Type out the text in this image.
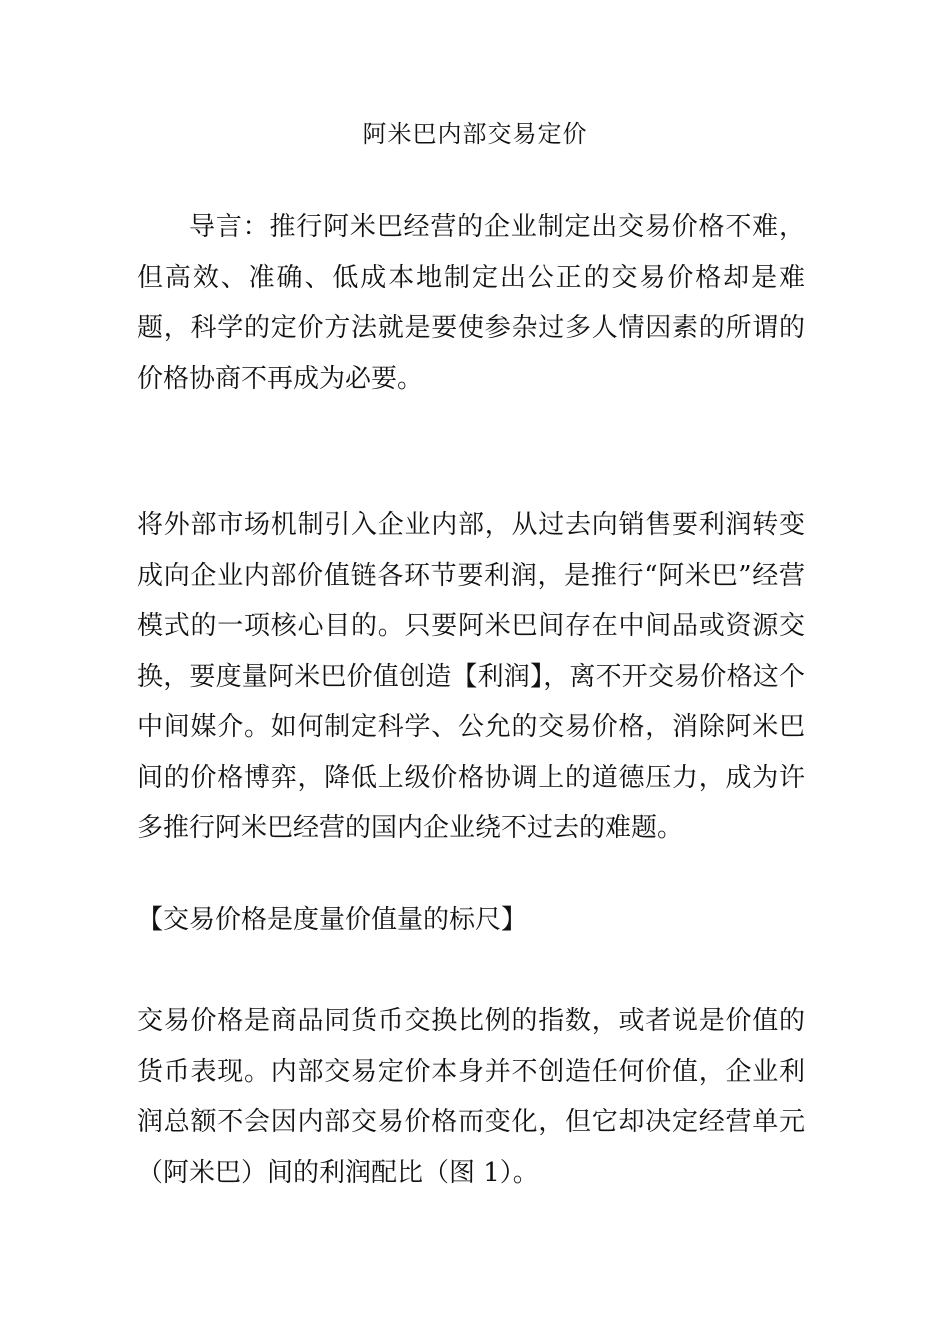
阿米巴内部交易定价

导言：推行阿米巴经营的企业制定出交易价格不难，但高效、准确、低成本地制定出公正的交易价格却是难题，科学的定价方法就是要使参杂过多人情因素的所谓的价格协商不再成为必要。

将外部市场机制引入企业内部，从过去向销售要利润转变成向企业内部价值链各环节要利润，是推行“阿米巴”经营模式的一项核心目的。只要阿米巴间存在中间品或资源交换，要度量阿米巴价值创造【利润】，离不开交易价格这个中间媒介。如何制定科学、公允的交易价格，消除阿米巴间的价格博弈，降低上级价格协调上的道德压力，成为许多推行阿米巴经营的国内企业绕不过去的难题。

【交易价格是度量价值量的标尺】

交易价格是商品同货币交换比例的指数，或者说是价值的货币表现。内部交易定价本身并不创造任何价值，企业利润总额不会因内部交易价格而变化，但它却决定经营单元（阿米巴）间的利润配比（图 1）。
